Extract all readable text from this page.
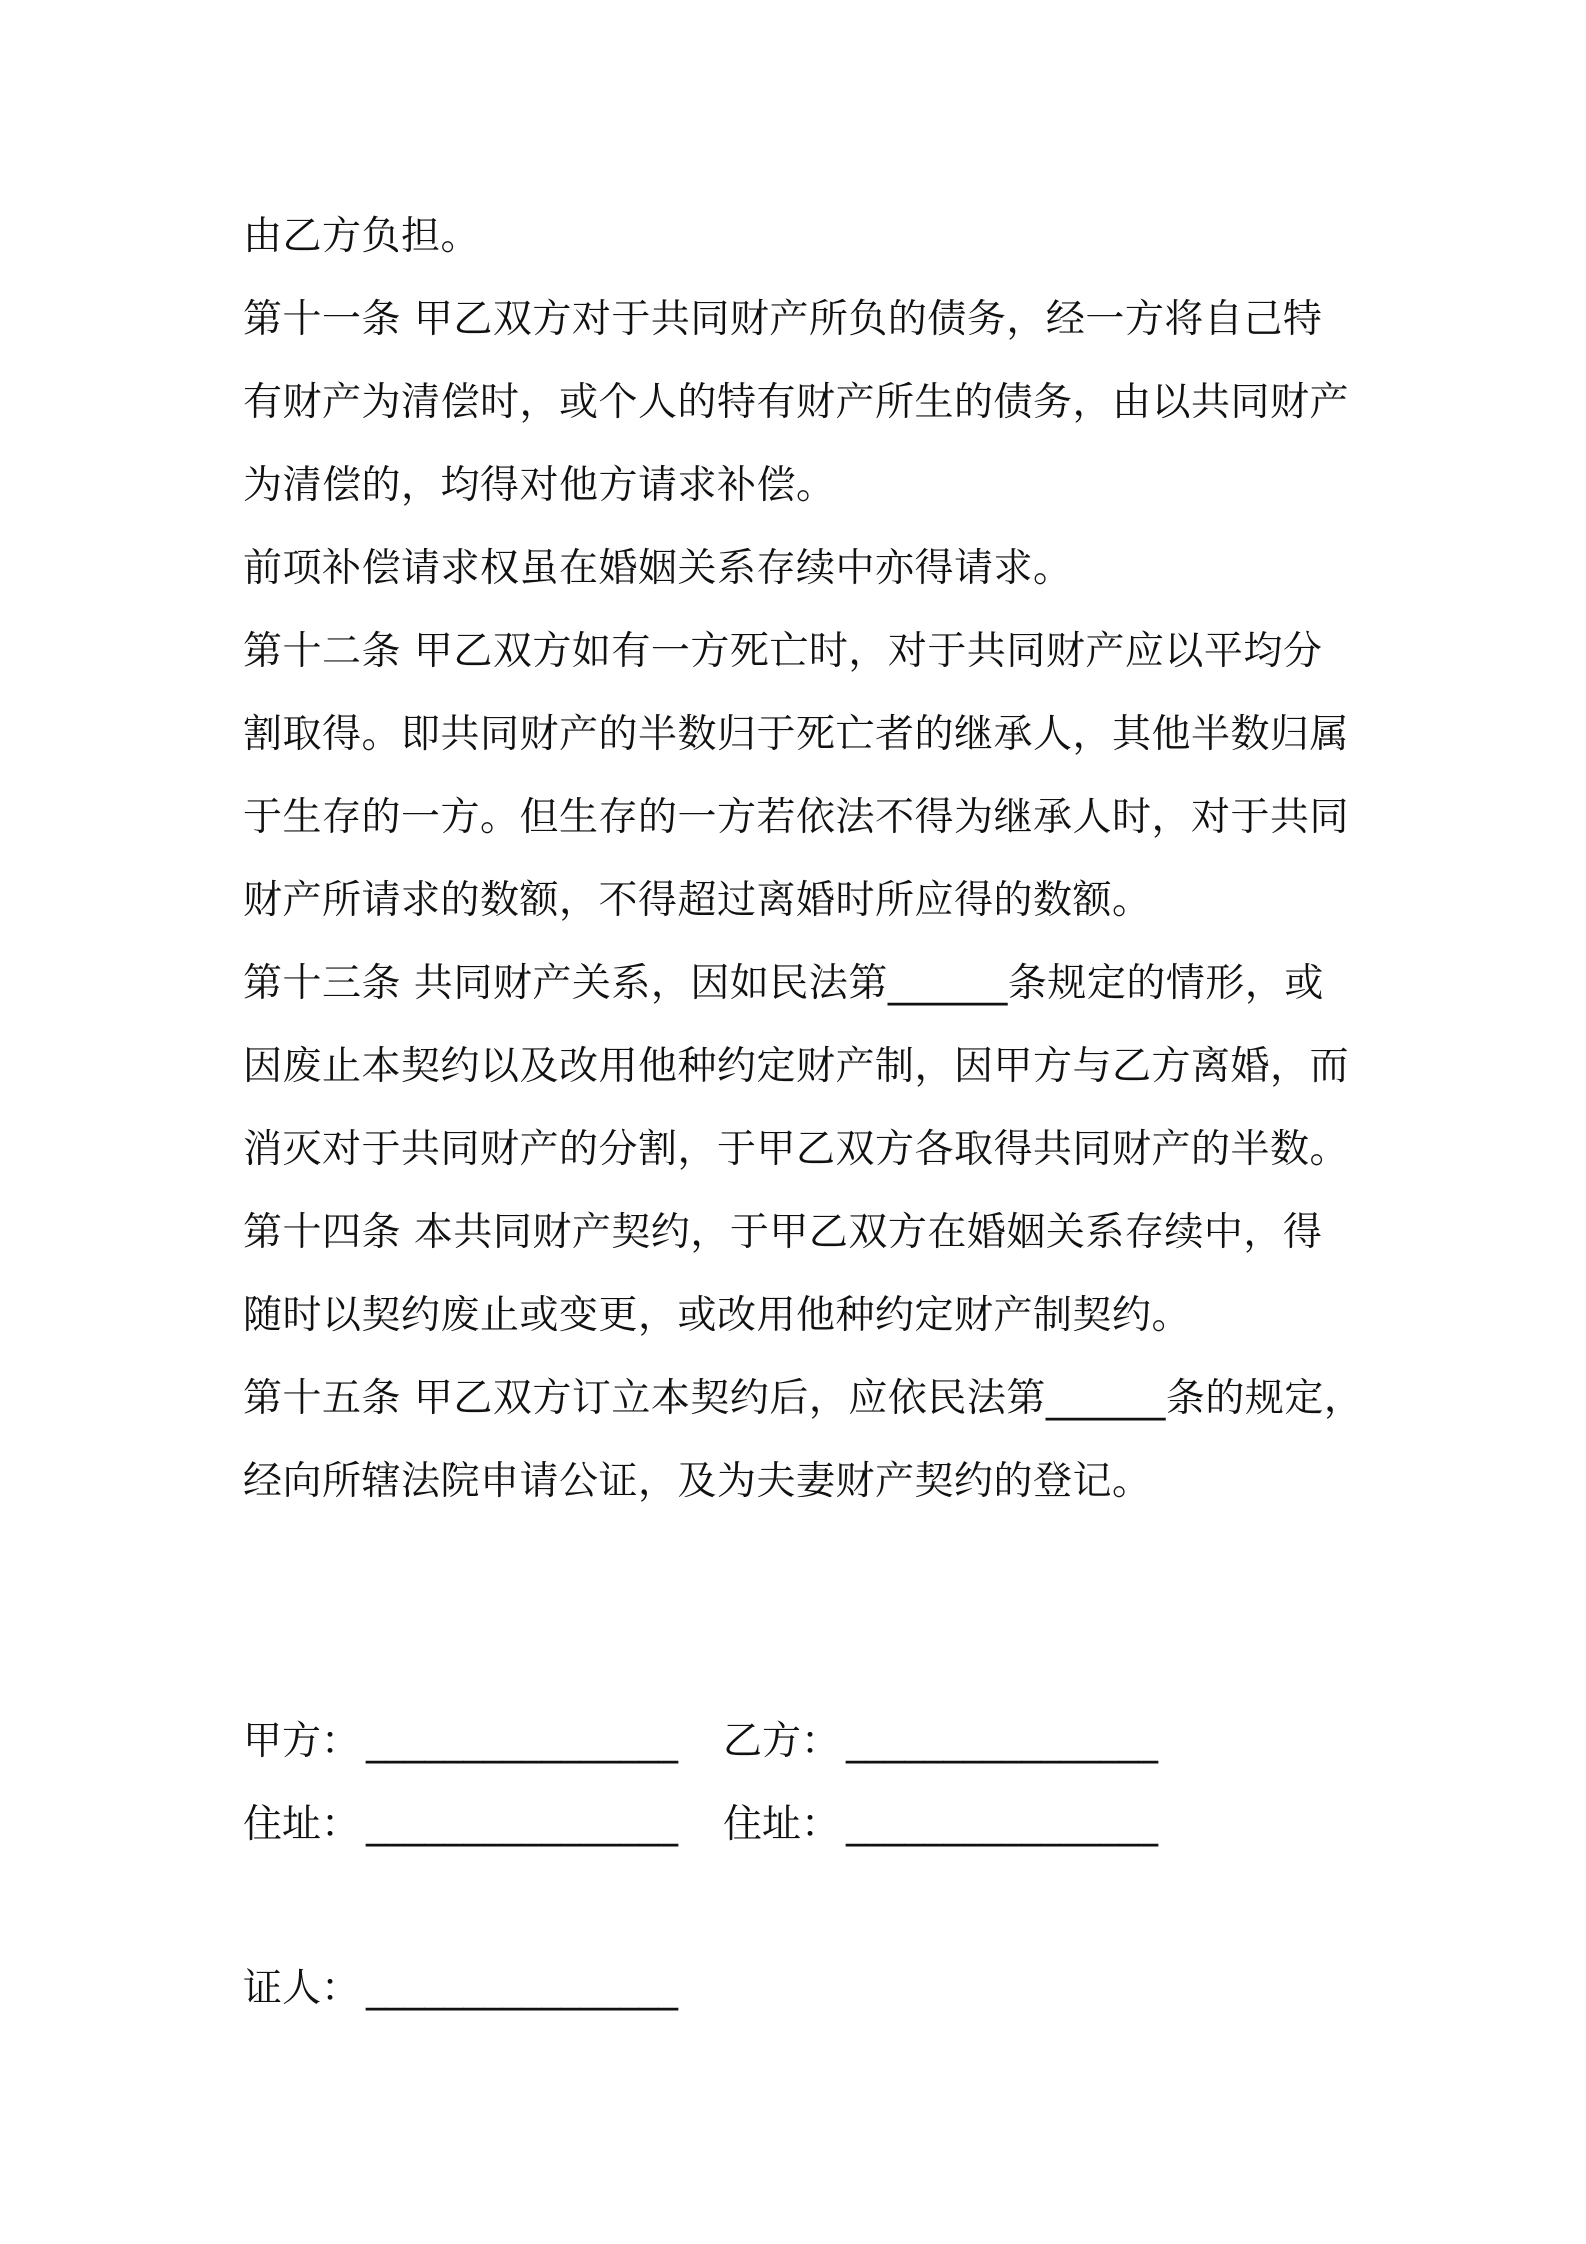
由乙方负担。
第十一条 甲乙双方对于共同财产所负的债务，经一方将自己特
有财产为清偿时，或个人的特有财产所生的债务，由以共同财产
为清偿的，均得对他方请求补偿。
前项补偿请求权虽在婚姻关系存续中亦得请求。
第十二条 甲乙双方如有一方死亡时，对于共同财产应以平均分
割取得。即共同财产的半数归于死亡者的继承人，其他半数归属
于生存的一方。但生存的一方若依法不得为继承人时，对于共同
财产所请求的数额，不得超过离婚时所应得的数额。
第十三条 共同财产关系，因如民法第______条规定的情形，或
因废止本契约以及改用他种约定财产制，因甲方与乙方离婚，而
消灭对于共同财产的分割，于甲乙双方各取得共同财产的半数。
第十四条 本共同财产契约，于甲乙双方在婚姻关系存续中，得
随时以契约废止或变更，或改用他种约定财产制契约。
第十五条 甲乙双方订立本契约后，应依民法第______条的规定，
经向所辖法院申请公证，及为夫妻财产契约的登记。
甲方： ________________ 乙方： ________________
住址： ________________ 住址： ________________
证人： ________________
